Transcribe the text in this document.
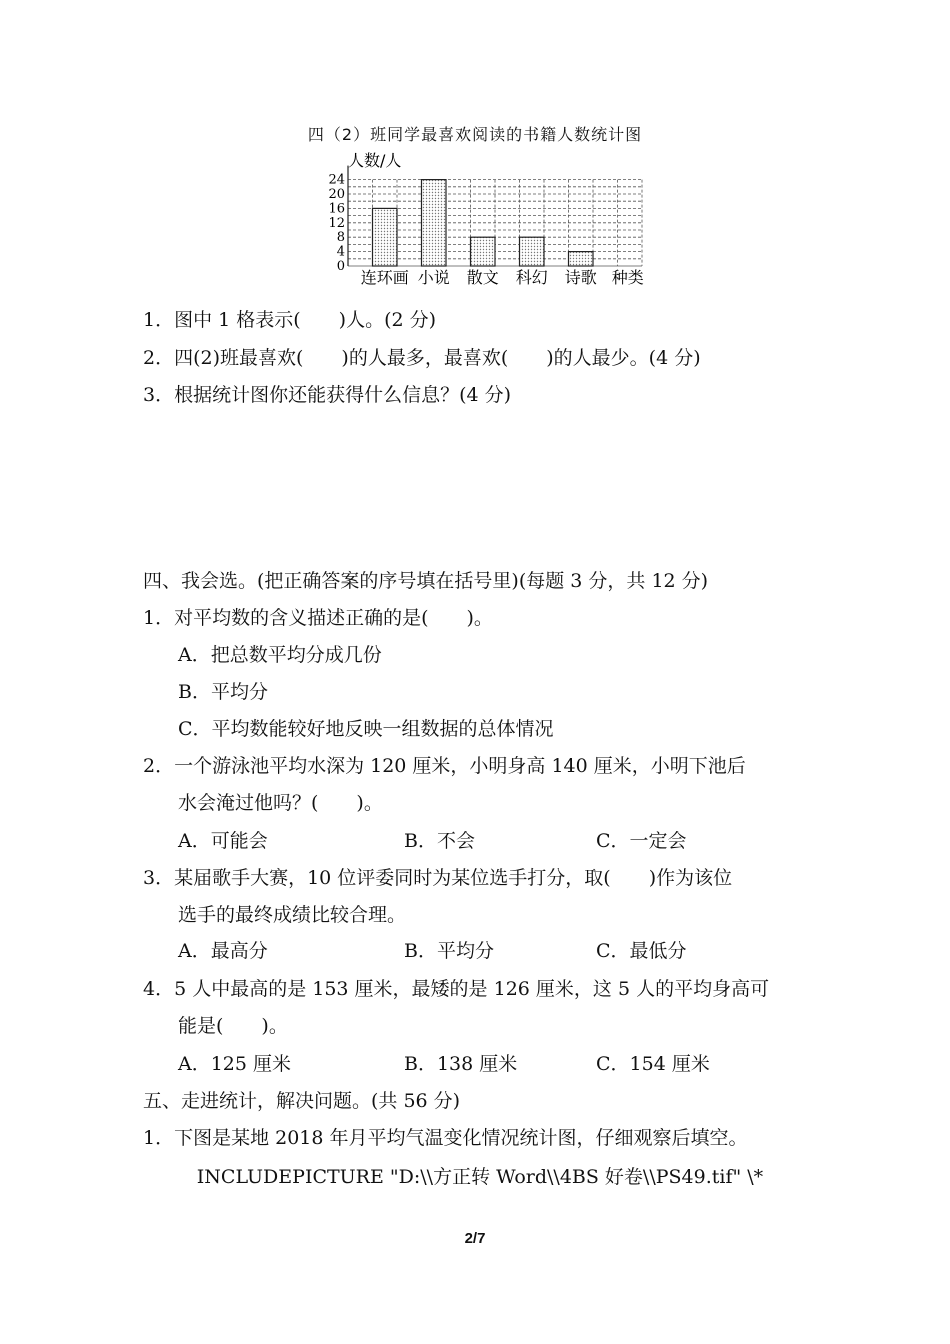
四（2）班同学最喜欢阅读的书籍人数统计图
0
4
8
12
16
20
24
连环画 小说 散文 科幻 诗歌 种类
人数/人
1．图中 1 格表示(　　)人。(2 分)
2．四(2)班最喜欢(　　)的人最多，最喜欢(　　)的人最少。(4 分)
3．根据统计图你还能获得什么信息？(4 分)
四、我会选。(把正确答案的序号填在括号里)(每题 3 分，共 12 分)
1．对平均数的含义描述正确的是(　　)。
A．把总数平均分成几份
B．平均分
C．平均数能较好地反映一组数据的总体情况
2．一个游泳池平均水深为 120 厘米，小明身高 140 厘米，小明下池后
水会淹过他吗？(　　)。
A．可能会	B．不会	C．一定会
3．某届歌手大赛，10 位评委同时为某位选手打分，取(　　)作为该位
选手的最终成绩比较合理。
A．最高分	B．平均分	C．最低分
4．5 人中最高的是 153 厘米，最矮的是 126 厘米，这 5 人的平均身高可
能是(　　)。
A．125 厘米	B．138 厘米	C．154 厘米
五、走进统计，解决问题。(共 56 分)
1．下图是某地 2018 年月平均气温变化情况统计图，仔细观察后填空。
INCLUDEPICTURE "D:\\方正转 Word\\4BS 好卷\\PS49.tif" \*
2/7
